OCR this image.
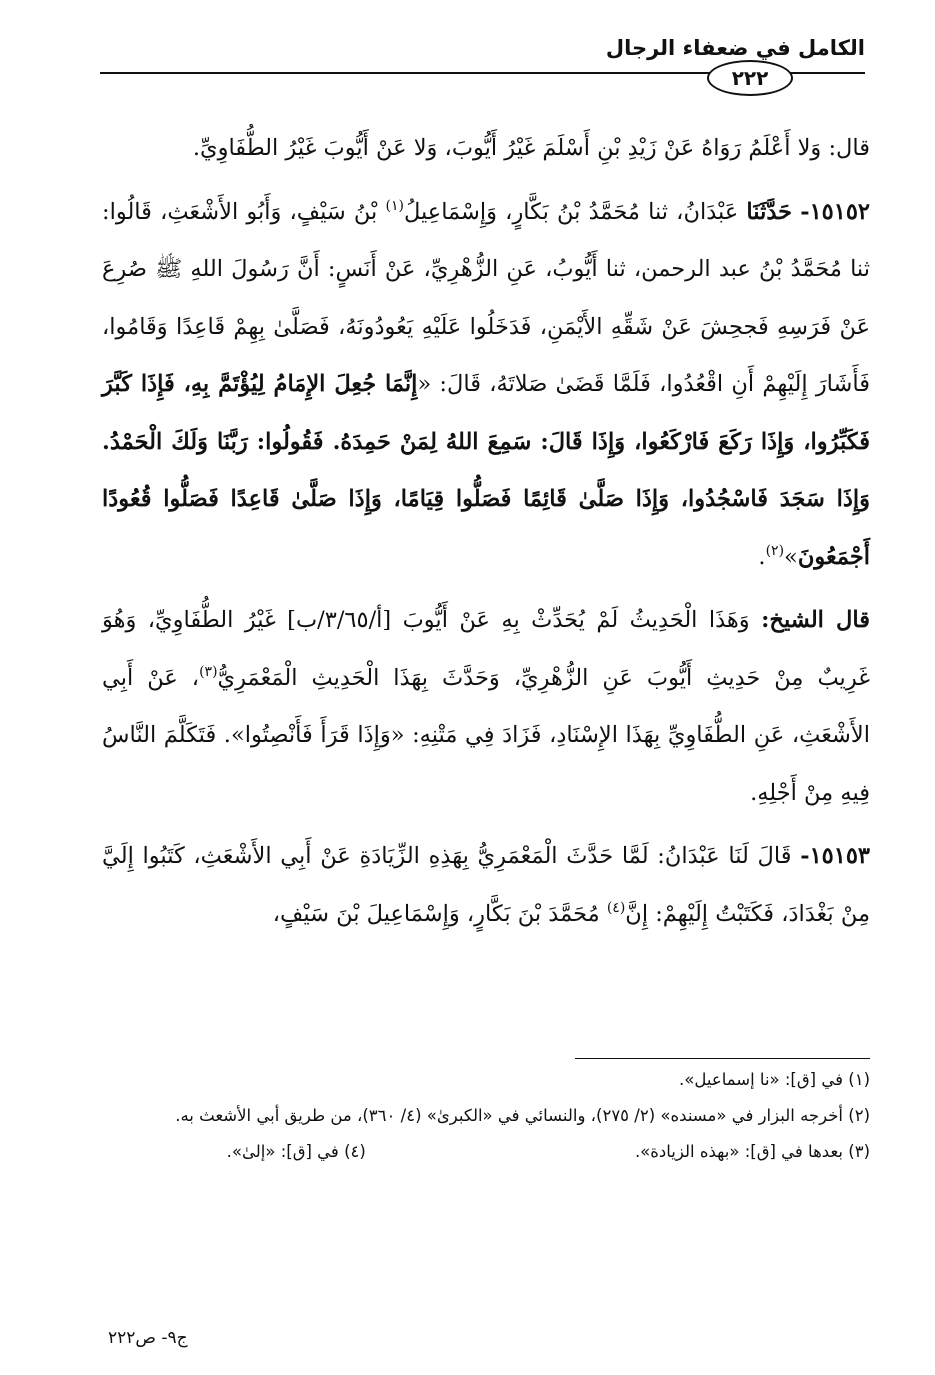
الكامل في ضعفاء الرجال
٢٢٢

قال: وَلا أَعْلَمُ رَوَاهُ عَنْ زَيْدِ بْنِ أَسْلَمَ غَيْرُ أَيُّوبَ، وَلا عَنْ أَيُّوبَ غَيْرُ الطُّفَاوِيِّ.

١٥١٥٢- حَدَّثَنَا عَبْدَانُ، ثنا مُحَمَّدُ بْنُ بَكَّارٍ، وَإِسْمَاعِيلُ$^{(١)}$ بْنُ سَيْفٍ، وَأَبُو الأَشْعَثِ، قَالُوا: ثنا مُحَمَّدُ بْنُ عبد الرحمن، ثنا أَيُّوبُ، عَنِ الزُّهْرِيِّ، عَنْ أَنَسٍ: أَنَّ رَسُولَ اللهِ ﷺ صُرِعَ عَنْ فَرَسِهِ فَجحِشَ عَنْ شَقِّهِ الأَيْمَنِ، فَدَخَلُوا عَلَيْهِ يَعُودُونَهُ، فَصَلَّىٰ بِهِمْ قَاعِدًا وَقَامُوا، فَأَشَارَ إِلَيْهِمْ أَنِ اقْعُدُوا، فَلَمَّا قَضَىٰ صَلاتَهُ، قَالَ: «إِنَّمَا جُعِلَ الإِمَامُ لِيُؤْتَمَّ بِهِ، فَإِذَا كَبَّرَ فَكَبِّرُوا، وَإِذَا رَكَعَ فَارْكَعُوا، وَإِذَا قَالَ: سَمِعَ اللهُ لِمَنْ حَمِدَهُ. فَقُولُوا: رَبَّنَا وَلَكَ الْحَمْدُ. وَإِذَا سَجَدَ فَاسْجُدُوا، وَإِذَا صَلَّىٰ قَائِمًا فَصَلُّوا قِيَامًا، وَإِذَا صَلَّىٰ قَاعِدًا فَصَلُّوا قُعُودًا أَجْمَعُونَ»$^{(٢)}$.

قال الشيخ: وَهَذَا الْحَدِيثُ لَمْ يُحَدِّثْ بِهِ عَنْ أَيُّوبَ [أ/٣/٦٥/ب] غَيْرُ الطُّفَاوِيِّ، وَهُوَ غَرِيبٌ مِنْ حَدِيثِ أَيُّوبَ عَنِ الزُّهْرِيِّ، وَحَدَّثَ بِهَذَا الْحَدِيثِ الْمَعْمَرِيُّ$^{(٣)}$، عَنْ أَبِي الأَشْعَثِ، عَنِ الطُّفَاوِيِّ بِهَذَا الإِسْنَادِ، فَزَادَ فِي مَتْنِهِ: «وَإِذَا قَرَأَ فَأَنْصِتُوا». فَتَكَلَّمَ النَّاسُ فِيهِ مِنْ أَجْلِهِ.

١٥١٥٣- قَالَ لَنَا عَبْدَانُ: لَمَّا حَدَّثَ الْمَعْمَرِيُّ بِهَذِهِ الزِّيَادَةِ عَنْ أَبِي الأَشْعَثِ، كَتَبُوا إِلَيَّ مِنْ بَغْدَادَ، فَكَتَبْتُ إِلَيْهِمْ: إِنَّ$^{(٤)}$ مُحَمَّدَ بْنَ بَكَّارٍ، وَإِسْمَاعِيلَ بْنَ سَيْفٍ،

(١) في [ق]: «نا إسماعيل».

(٢) أخرجه البزار في «مسنده» (٢/ ٢٧٥)، والنسائي في «الكبرىٰ» (٤/ ٣٦٠)، من طريق أبي الأشعث به.

(٣) بعدها في [ق]: «بهذه الزيادة».

(٤) في [ق]: «إلىٰ».

ج٩- ص٢٢٢
